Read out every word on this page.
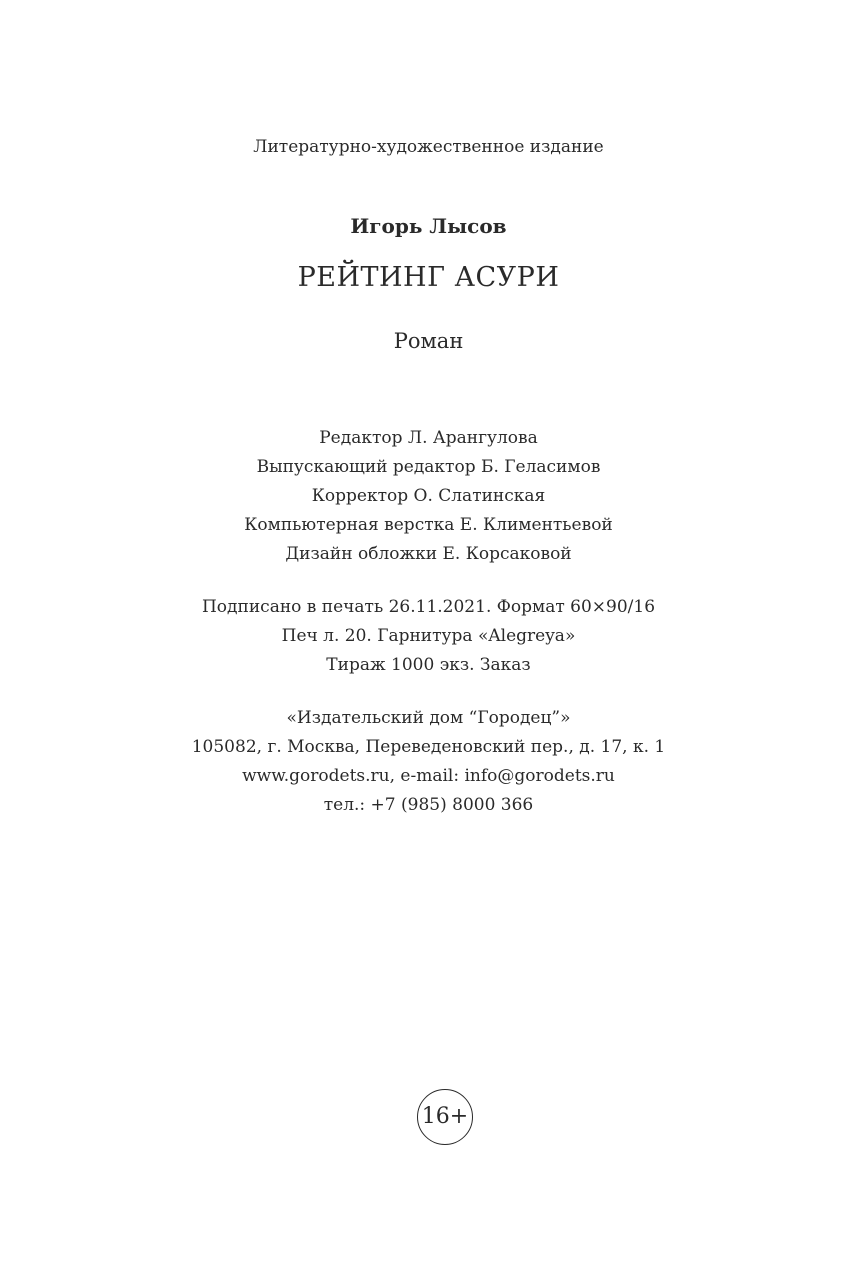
Литературно-художественное издание
Игорь Лысов
РЕЙТИНГ АСУРИ
Роман
Редактор Л. Арангулова
Выпускающий редактор Б. Геласимов
Корректор О. Слатинская
Компьютерная верстка Е. Климентьевой
Дизайн обложки Е. Корсаковой
Подписано в печать 26.11.2021. Формат 60×90/16
Печ л. 20. Гарнитура «Alegreya»
Тираж 1000 экз. Заказ
«Издательский дом “Городец”»
105082, г. Москва, Переведеновский пер., д. 17, к. 1
www.gorodets.ru, e-mail: info@gorodets.ru
тел.: +7 (985) 8000 366
16+
